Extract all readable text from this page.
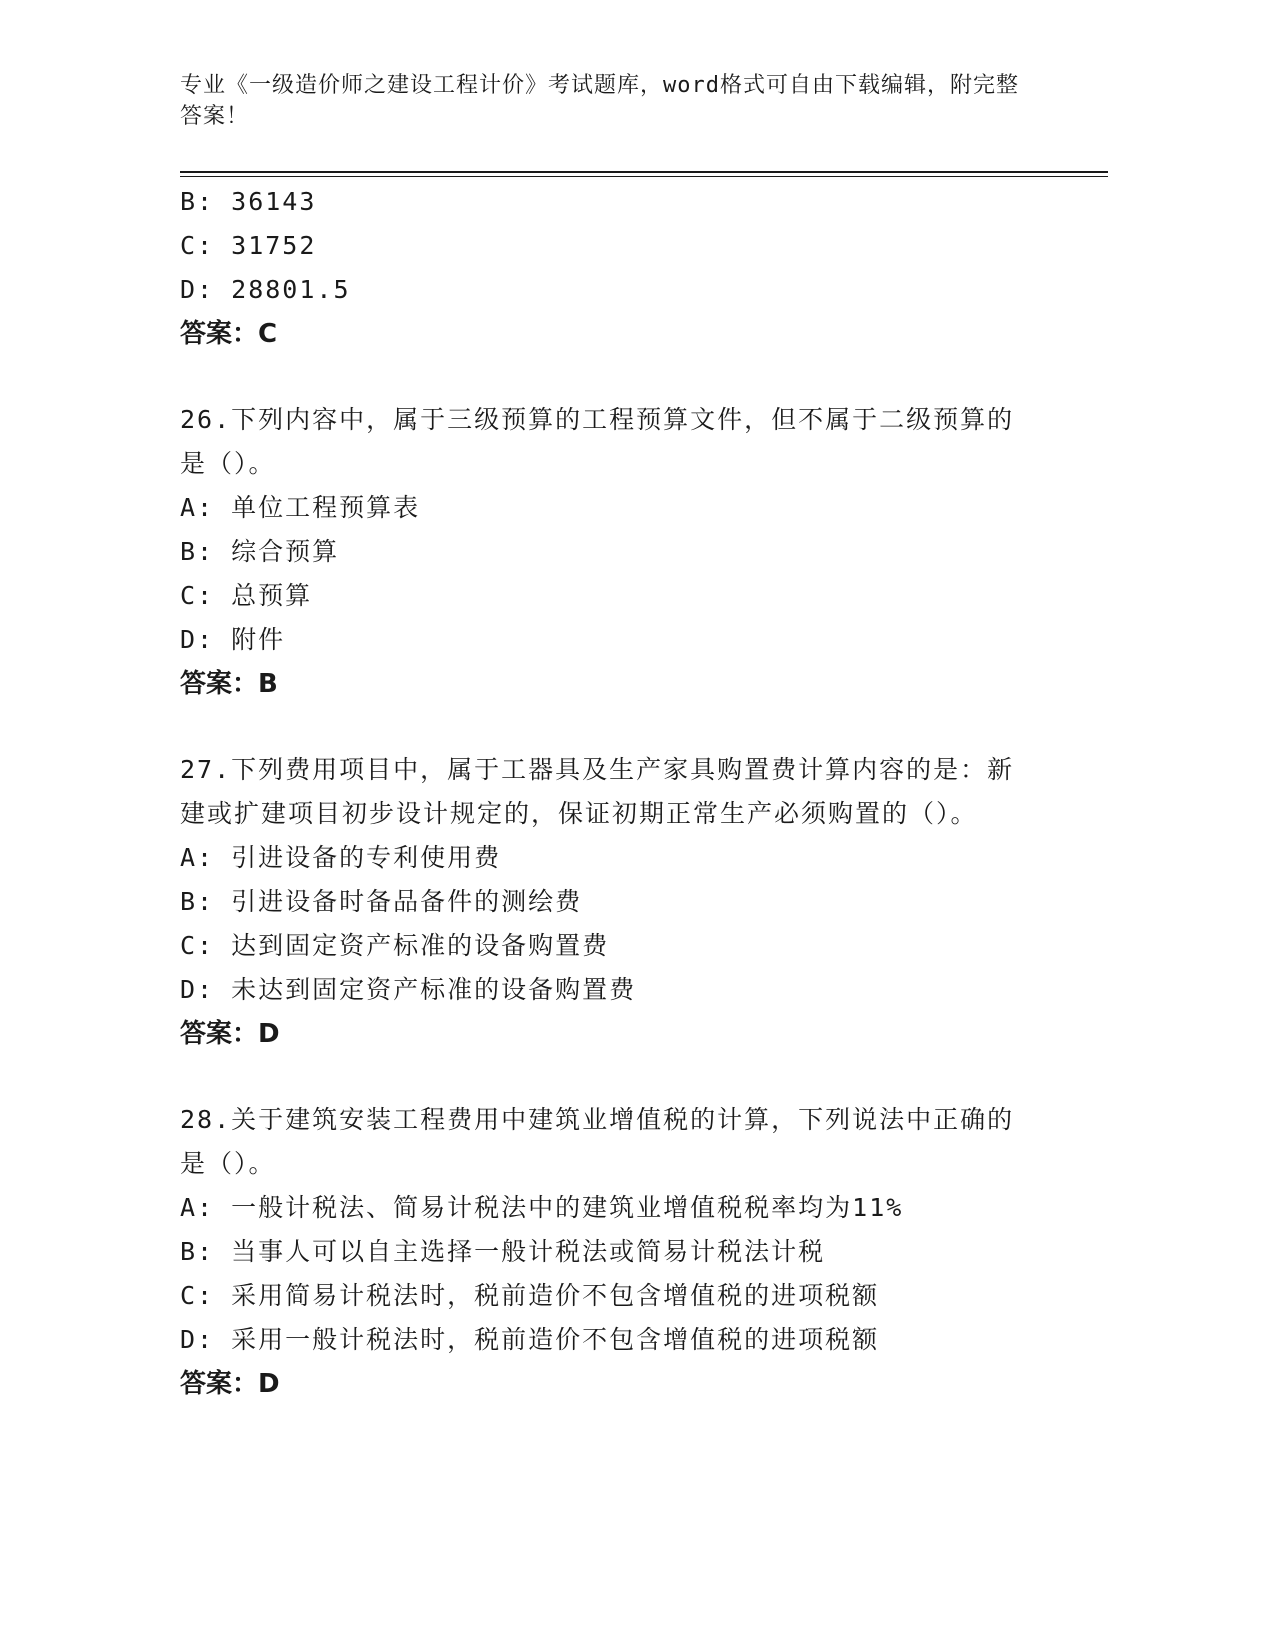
专业《一级造价师之建设工程计价》考试题库，word格式可自由下载编辑，附完整答案！
B: 36143
C: 31752
D: 28801.5
答案：C
26.下列内容中，属于三级预算的工程预算文件，但不属于二级预算的是（）。
A: 单位工程预算表
B: 综合预算
C: 总预算
D: 附件
答案：B
27.下列费用项目中，属于工器具及生产家具购置费计算内容的是：新建或扩建项目初步设计规定的，保证初期正常生产必须购置的（）。
A: 引进设备的专利使用费
B: 引进设备时备品备件的测绘费
C: 达到固定资产标准的设备购置费
D: 未达到固定资产标准的设备购置费
答案：D
28.关于建筑安装工程费用中建筑业增值税的计算，下列说法中正确的是（）。
A: 一般计税法、简易计税法中的建筑业增值税税率均为11%
B: 当事人可以自主选择一般计税法或简易计税法计税
C: 采用简易计税法时，税前造价不包含增值税的进项税额
D: 采用一般计税法时，税前造价不包含增值税的进项税额
答案：D
